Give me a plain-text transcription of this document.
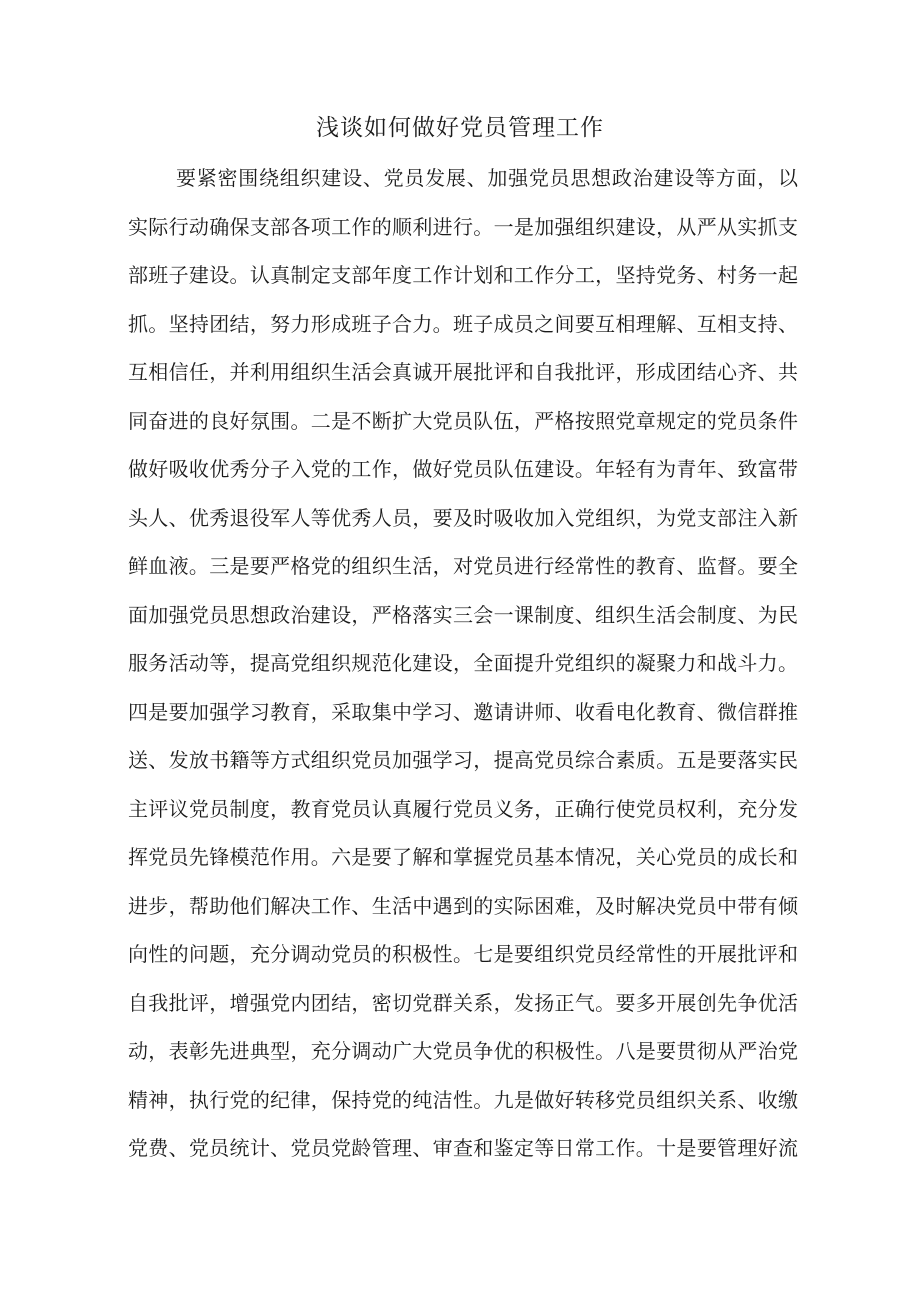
浅谈如何做好党员管理工作
要紧密围绕组织建设、党员发展、加强党员思想政治建设等方面，以
实际行动确保支部各项工作的顺利进行。一是加强组织建设，从严从实抓支
部班子建设。认真制定支部年度工作计划和工作分工，坚持党务、村务一起
抓。坚持团结，努力形成班子合力。班子成员之间要互相理解、互相支持、
互相信任，并利用组织生活会真诚开展批评和自我批评，形成团结心齐、共
同奋进的良好氛围。二是不断扩大党员队伍，严格按照党章规定的党员条件
做好吸收优秀分子入党的工作，做好党员队伍建设。年轻有为青年、致富带
头人、优秀退役军人等优秀人员，要及时吸收加入党组织，为党支部注入新
鲜血液。三是要严格党的组织生活，对党员进行经常性的教育、监督。要全
面加强党员思想政治建设，严格落实三会一课制度、组织生活会制度、为民
服务活动等，提高党组织规范化建设，全面提升党组织的凝聚力和战斗力。
四是要加强学习教育，采取集中学习、邀请讲师、收看电化教育、微信群推
送、发放书籍等方式组织党员加强学习，提高党员综合素质。五是要落实民
主评议党员制度，教育党员认真履行党员义务，正确行使党员权利，充分发
挥党员先锋模范作用。六是要了解和掌握党员基本情况，关心党员的成长和
进步，帮助他们解决工作、生活中遇到的实际困难，及时解决党员中带有倾
向性的问题，充分调动党员的积极性。七是要组织党员经常性的开展批评和
自我批评，增强党内团结，密切党群关系，发扬正气。要多开展创先争优活
动，表彰先进典型，充分调动广大党员争优的积极性。八是要贯彻从严治党
精神，执行党的纪律，保持党的纯洁性。九是做好转移党员组织关系、收缴
党费、党员统计、党员党龄管理、审查和鉴定等日常工作。十是要管理好流
